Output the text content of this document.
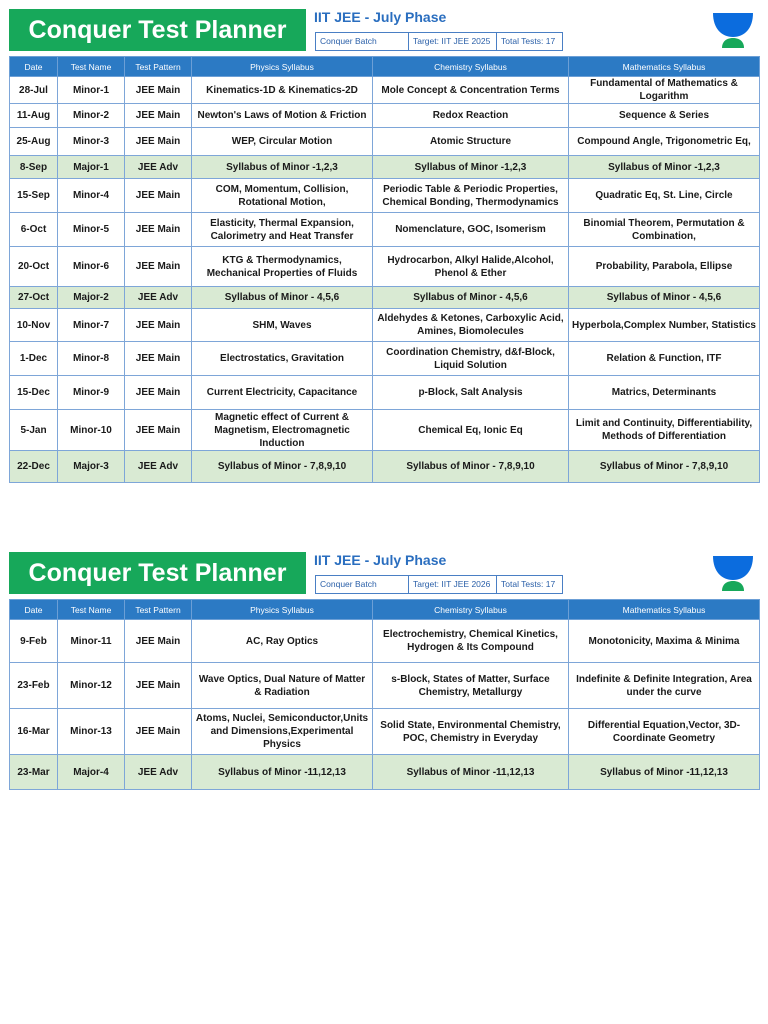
Conquer Test Planner	IIT JEE - July Phase
Conquer Batch	Target: IIT JEE 2025	Total Tests: 17
Date	Test Name	Test Pattern	Physics Syllabus	Chemistry Syllabus	Mathematics Syllabus
28-Jul	Minor-1	JEE Main	Kinematics-1D & Kinematics-2D	Mole Concept & Concentration Terms	Fundamental of Mathematics & Logarithm
11-Aug	Minor-2	JEE Main	Newton's Laws of Motion & Friction	Redox Reaction	Sequence & Series
25-Aug	Minor-3	JEE Main	WEP, Circular Motion	Atomic Structure	Compound Angle, Trigonometric Eq,
8-Sep	Major-1	JEE Adv	Syllabus of Minor -1,2,3	Syllabus of Minor -1,2,3	Syllabus of Minor -1,2,3
15-Sep	Minor-4	JEE Main	COM, Momentum, Collision, Rotational Motion,	Periodic Table & Periodic Properties, Chemical Bonding, Thermodynamics	Quadratic Eq, St. Line, Circle
6-Oct	Minor-5	JEE Main	Elasticity, Thermal Expansion, Calorimetry and Heat Transfer	Nomenclature, GOC, Isomerism	Binomial Theorem, Permutation & Combination,
20-Oct	Minor-6	JEE Main	KTG & Thermodynamics, Mechanical Properties of Fluids	Hydrocarbon, Alkyl Halide,Alcohol, Phenol & Ether	Probability, Parabola, Ellipse
27-Oct	Major-2	JEE Adv	Syllabus of Minor - 4,5,6	Syllabus of Minor - 4,5,6	Syllabus of Minor - 4,5,6
10-Nov	Minor-7	JEE Main	SHM, Waves	Aldehydes & Ketones, Carboxylic Acid, Amines, Biomolecules	Hyperbola,Complex Number, Statistics
1-Dec	Minor-8	JEE Main	Electrostatics, Gravitation	Coordination Chemistry, d&f-Block, Liquid Solution	Relation & Function, ITF
15-Dec	Minor-9	JEE Main	Current Electricity, Capacitance	p-Block, Salt Analysis	Matrics, Determinants
5-Jan	Minor-10	JEE Main	Magnetic effect of Current & Magnetism, Electromagnetic Induction	Chemical Eq, Ionic Eq	Limit and Continuity, Differentiability, Methods of Differentiation
22-Dec	Major-3	JEE Adv	Syllabus of Minor - 7,8,9,10	Syllabus of Minor - 7,8,9,10	Syllabus of Minor - 7,8,9,10
Conquer Test Planner	IIT JEE - July Phase
Conquer Batch	Target: IIT JEE 2026	Total Tests: 17
Date	Test Name	Test Pattern	Physics Syllabus	Chemistry Syllabus	Mathematics Syllabus
9-Feb	Minor-11	JEE Main	AC, Ray Optics	Electrochemistry, Chemical Kinetics, Hydrogen & Its Compound	Monotonicity, Maxima & Minima
23-Feb	Minor-12	JEE Main	Wave Optics, Dual Nature of Matter & Radiation	s-Block, States of Matter, Surface Chemistry, Metallurgy	Indefinite & Definite Integration, Area under the curve
16-Mar	Minor-13	JEE Main	Atoms, Nuclei, Semiconductor,Units and Dimensions,Experimental Physics	Solid State, Environmental Chemistry, POC, Chemistry in Everyday	Differential Equation,Vector, 3D-Coordinate Geometry
23-Mar	Major-4	JEE Adv	Syllabus of Minor -11,12,13	Syllabus of Minor -11,12,13	Syllabus of Minor -11,12,13
